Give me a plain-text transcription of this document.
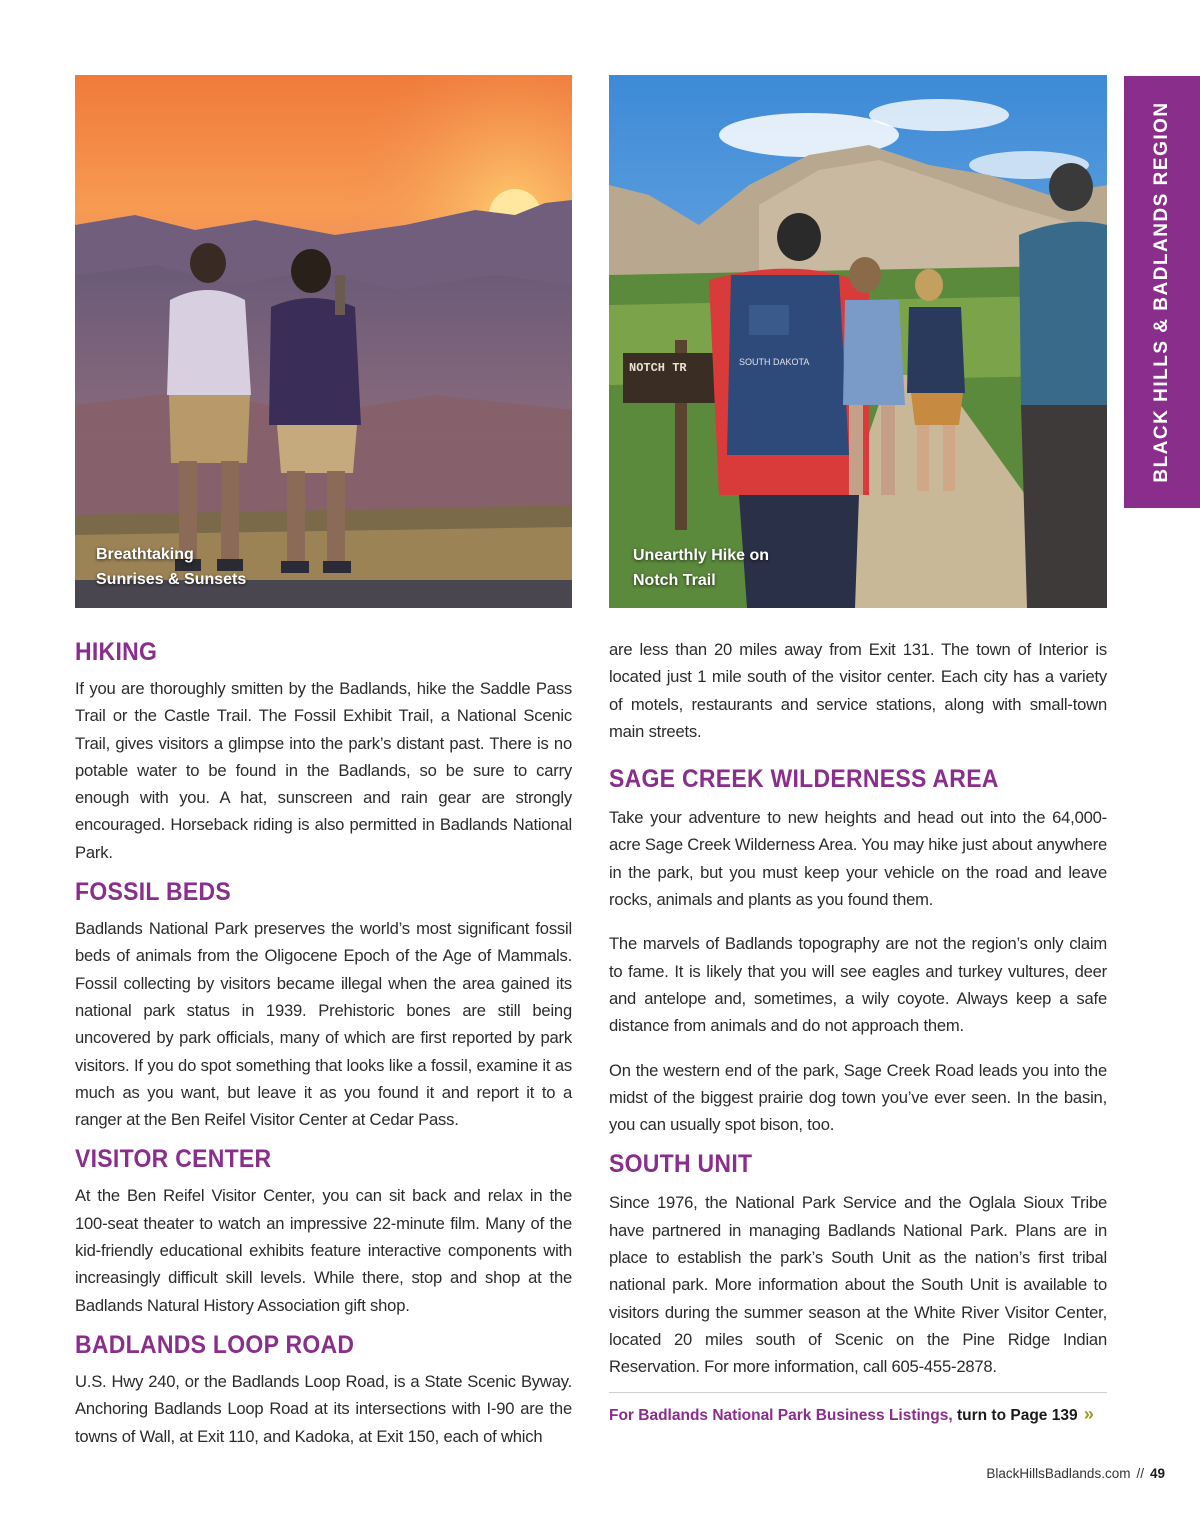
BLACK HILLS & BADLANDS REGION
Breathtaking
Sunrises & Sunsets
NOTCH TR	SOUTH DAKOTA
Unearthly Hike on
Notch Trail
HIKING

If you are thoroughly smitten by the Badlands, hike the Saddle Pass Trail or the Castle Trail. The Fossil Exhibit Trail, a National Scenic Trail, gives visitors a glimpse into the park’s distant past. There is no potable water to be found in the Badlands, so be sure to carry enough with you. A hat, sunscreen and rain gear are strongly encouraged. Horseback riding is also permitted in Badlands National Park.

FOSSIL BEDS

Badlands National Park preserves the world’s most significant fossil beds of animals from the Oligocene Epoch of the Age of Mammals. Fossil collecting by visitors became illegal when the area gained its national park status in 1939. Prehistoric bones are still being uncovered by park officials, many of which are first reported by park visitors. If you do spot something that looks like a fossil, examine it as much as you want, but leave it as you found it and report it to a ranger at the Ben Reifel Visitor Center at Cedar Pass.

VISITOR CENTER

At the Ben Reifel Visitor Center, you can sit back and relax in the 100-seat theater to watch an impressive 22-minute film. Many of the kid-friendly educational exhibits feature interactive components with increasingly difficult skill levels. While there, stop and shop at the Badlands Natural History Association gift shop.

BADLANDS LOOP ROAD

U.S. Hwy 240, or the Badlands Loop Road, is a State Scenic Byway. Anchoring Badlands Loop Road at its intersections with I-90 are the towns of Wall, at Exit 110, and Kadoka, at Exit 150, each of which

are less than 20 miles away from Exit 131. The town of Interior is located just 1 mile south of the visitor center. Each city has a variety of motels, restaurants and service stations, along with small-town main streets.

SAGE CREEK WILDERNESS AREA

Take your adventure to new heights and head out into the 64,000-acre Sage Creek Wilderness Area. You may hike just about anywhere in the park, but you must keep your vehicle on the road and leave rocks, animals and plants as you found them.

The marvels of Badlands topography are not the region’s only claim to fame. It is likely that you will see eagles and turkey vultures, deer and antelope and, sometimes, a wily coyote. Always keep a safe distance from animals and do not approach them.

On the western end of the park, Sage Creek Road leads you into the midst of the biggest prairie dog town you’ve ever seen. In the basin, you can usually spot bison, too.

SOUTH UNIT

Since 1976, the National Park Service and the Oglala Sioux Tribe have partnered in managing Badlands National Park. Plans are in place to establish the park’s South Unit as the nation’s first tribal national park. More information about the South Unit is available to visitors during the summer season at the White River Visitor Center, located 20 miles south of Scenic on the Pine Ridge Indian Reservation. For more information, call 605-455-2878.

For Badlands National Park Business Listings, turn to Page 139 »
BlackHillsBadlands.com // 49
